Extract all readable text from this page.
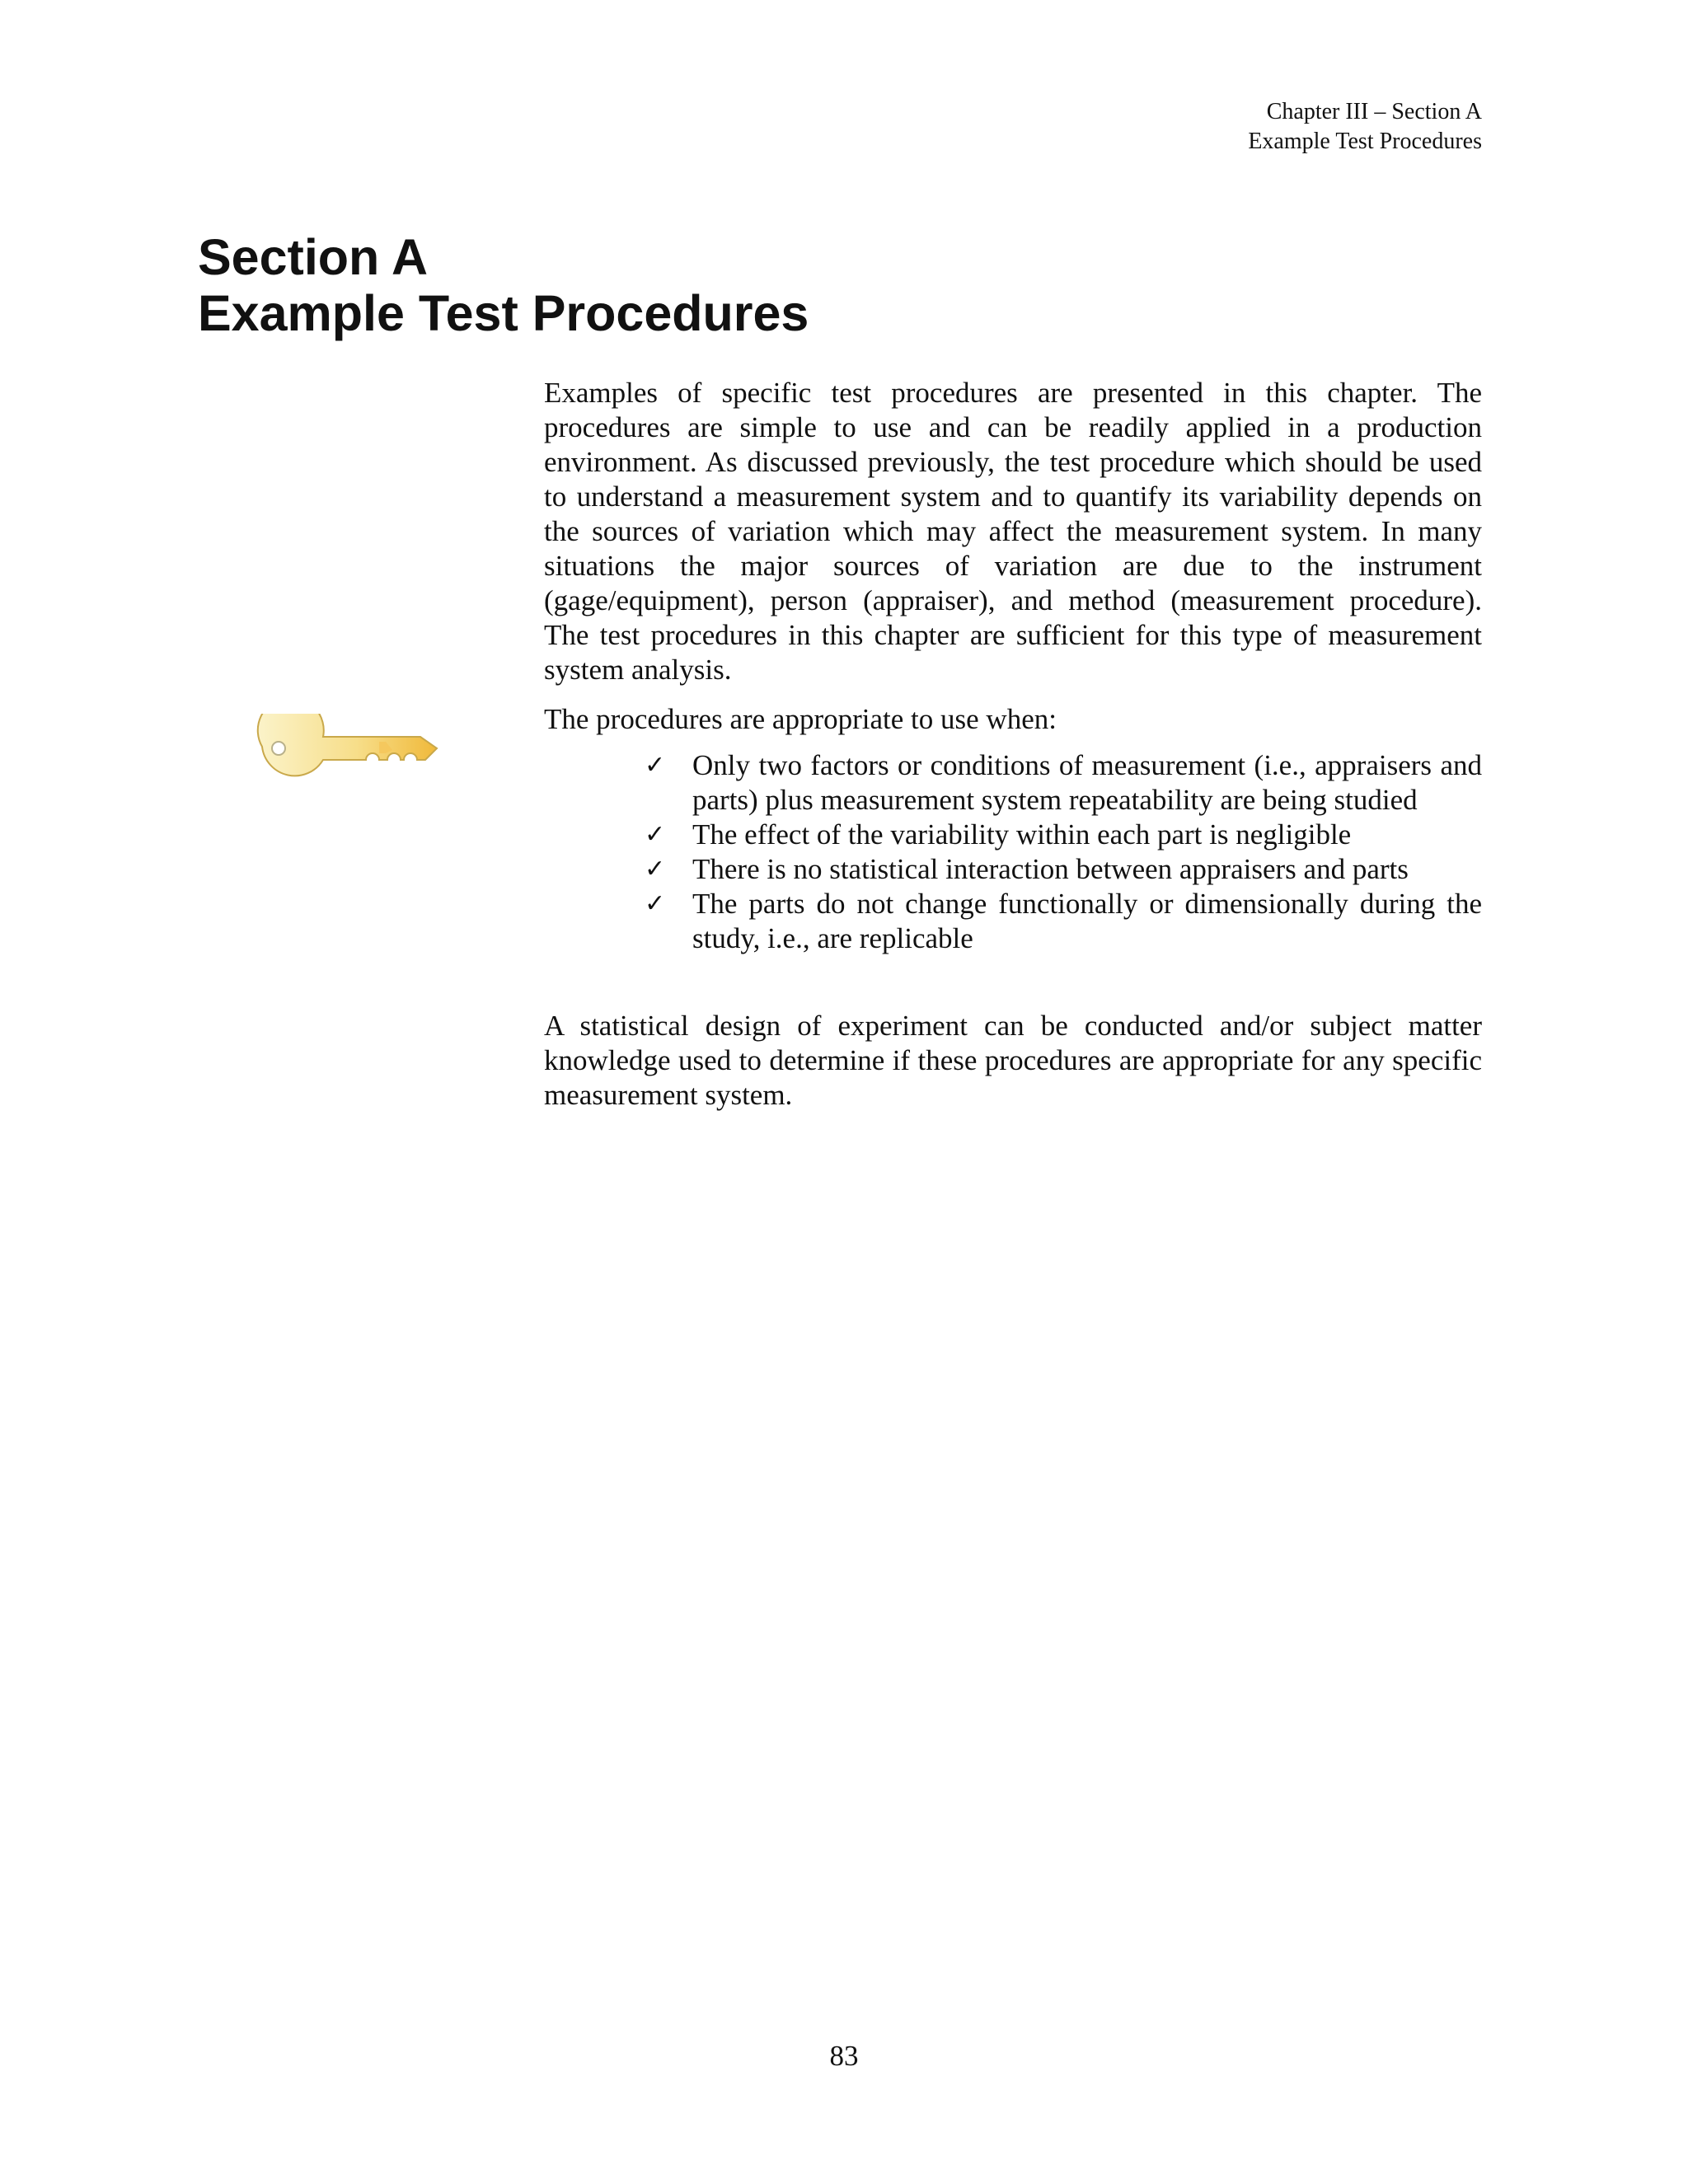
Chapter III – Section A
Example Test Procedures
Section A
Example Test Procedures

Examples of specific test procedures are presented in this chapter. The procedures are simple to use and can be readily applied in a production environment. As discussed previously, the test procedure which should be used to understand a measurement system and to quantify its variability depends on the sources of variation which may affect the measurement system. In many situations the major sources of variation are due to the instrument (gage/equipment), person (appraiser), and method (measurement procedure). The test procedures in this chapter are sufficient for this type of measurement system analysis.

The procedures are appropriate to use when:

✓ Only two factors or conditions of measurement (i.e., appraisers and parts) plus measurement system repeatability are being studied
✓ The effect of the variability within each part is negligible
✓ There is no statistical interaction between appraisers and parts
✓ The parts do not change functionally or dimensionally during the study, i.e., are replicable

A statistical design of experiment can be conducted and/or subject matter knowledge used to determine if these procedures are appropriate for any specific measurement system.

83
